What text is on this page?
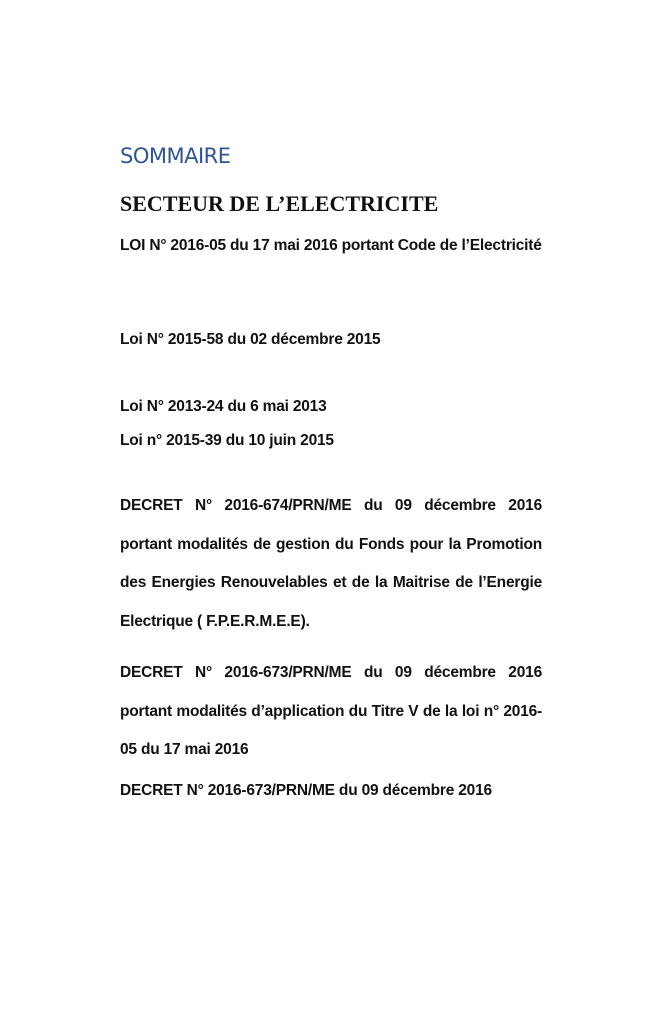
SOMMAIRE
SECTEUR DE L’ELECTRICITE

LOI N° 2016-05 du 17 mai 2016 portant Code de l’Electricité

Loi N° 2015-58 du 02 décembre 2015

Loi N° 2013-24 du 6 mai 2013

Loi n° 2015-39 du 10 juin 2015

DECRET N° 2016-674/PRN/ME du 09 décembre 2016 portant modalités de gestion du Fonds pour la Promotion des Energies Renouvelables et de la Maitrise de l’Energie Electrique ( F.P.E.R.M.E.E).

DECRET N° 2016-673/PRN/ME du 09 décembre 2016 portant modalités d’application du Titre V de la loi n° 2016-05 du 17 mai 2016

DECRET N° 2016-673/PRN/ME du 09 décembre 2016
